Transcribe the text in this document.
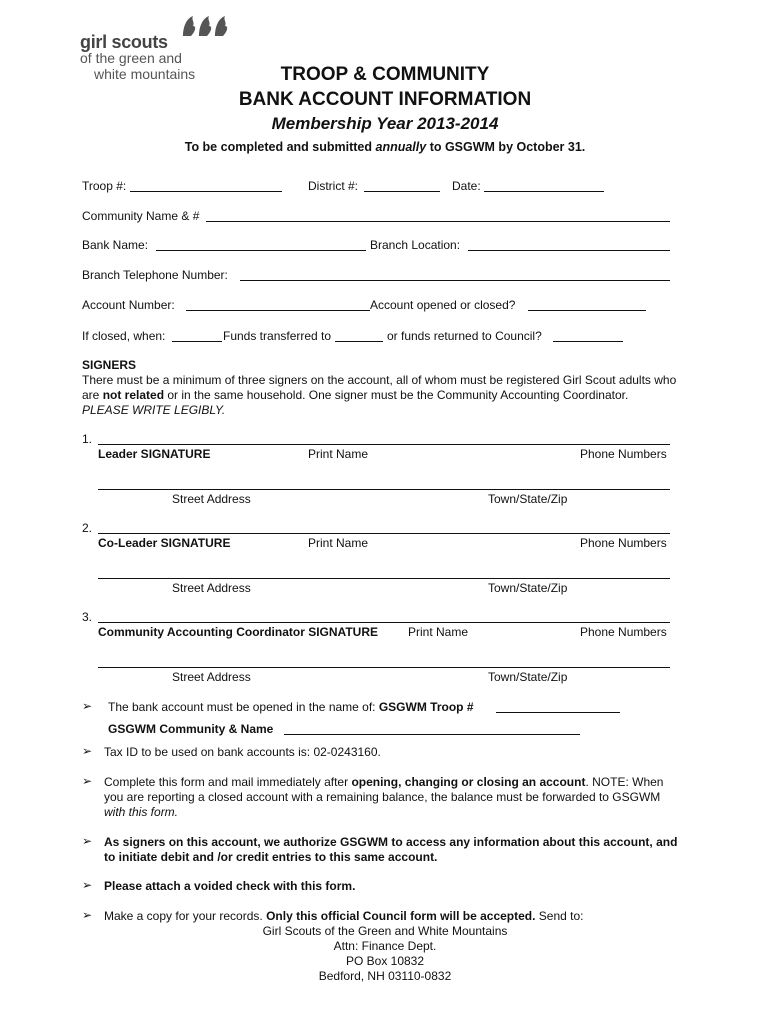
girl scouts
of the green and
white mountains	TROOP & COMMUNITY
BANK ACCOUNT INFORMATION
Membership Year 2013-2014
To be completed and submitted annually to GSGWM by October 31.
Troop #:	District #:	Date:
Community Name & #
Bank Name:	Branch Location:
Branch Telephone Number:
Account Number:	Account opened or closed?
If closed, when:	Funds transferred to	or funds returned to Council?
SIGNERS
There must be a minimum of three signers on the account, all of whom must be registered Girl Scout adults who
are not related or in the same household. One signer must be the Community Accounting Coordinator.
PLEASE WRITE LEGIBLY.
1.
Leader SIGNATURE	Print Name	Phone Numbers
Street Address	Town/State/Zip
2.
Co-Leader SIGNATURE	Print Name	Phone Numbers
Street Address	Town/State/Zip
3.
Community Accounting Coordinator SIGNATURE	Print Name	Phone Numbers
Street Address	Town/State/Zip
➢ The bank account must be opened in the name of: GSGWM Troop #
GSGWM Community & Name
➢ Tax ID to be used on bank accounts is: 02-0243160.
➢ Complete this form and mail immediately after opening, changing or closing an account. NOTE: When
you are reporting a closed account with a remaining balance, the balance must be forwarded to GSGWM
with this form.
➢ As signers on this account, we authorize GSGWM to access any information about this account, and
to initiate debit and /or credit entries to this same account.
➢ Please attach a voided check with this form.
➢ Make a copy for your records. Only this official Council form will be accepted. Send to:
Girl Scouts of the Green and White Mountains
Attn: Finance Dept.
PO Box 10832
Bedford, NH 03110-0832
